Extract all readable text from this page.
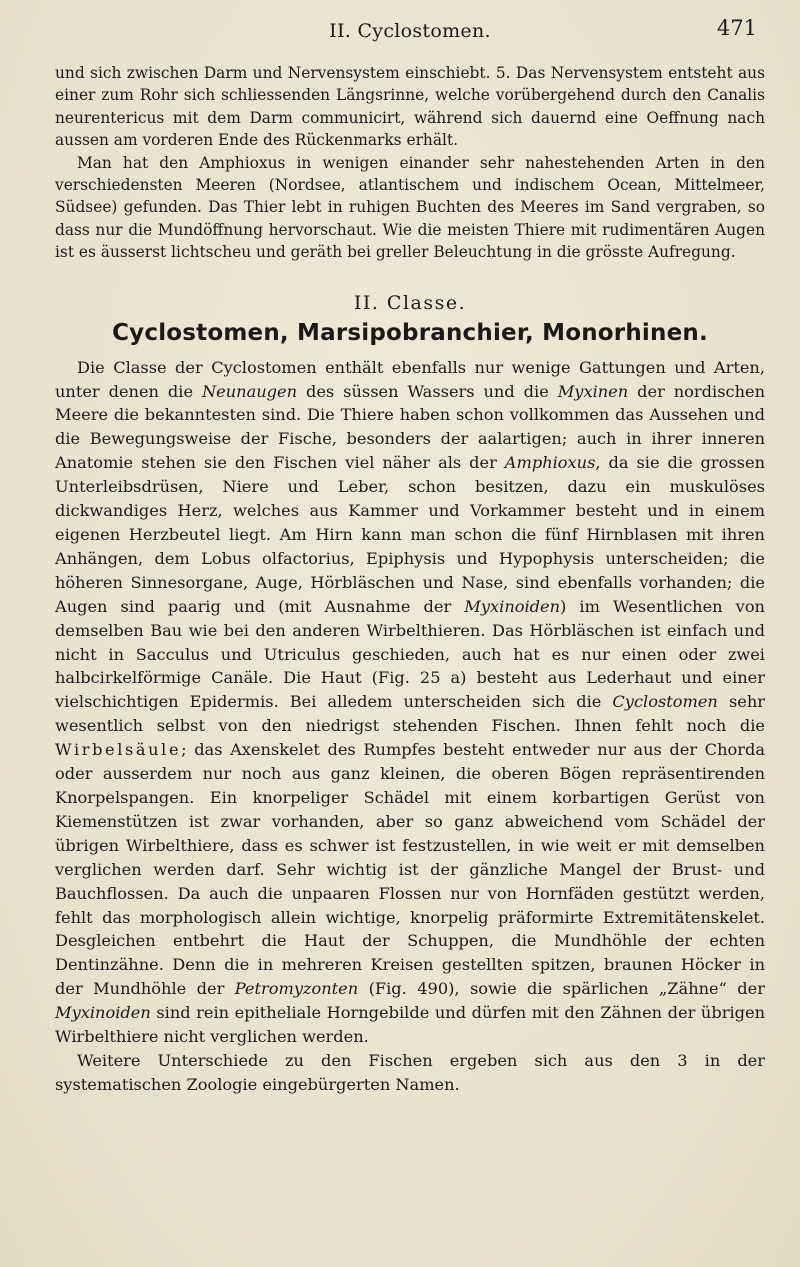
II. Cyclostomen.	471

und sich zwischen Darm und Nervensystem einschiebt. 5. Das Nervensystem entsteht aus einer zum Rohr sich schliessenden Längsrinne, welche vorübergehend durch den Canalis neurentericus mit dem Darm communicirt, während sich dauernd eine Oeffnung nach aussen am vorderen Ende des Rückenmarks erhält.

Man hat den Amphioxus in wenigen einander sehr nahestehenden Arten in den verschiedensten Meeren (Nordsee, atlantischem und indischem Ocean, Mittelmeer, Südsee) gefunden. Das Thier lebt in ruhigen Buchten des Meeres im Sand vergraben, so dass nur die Mundöffnung hervorschaut. Wie die meisten Thiere mit rudimentären Augen ist es äusserst lichtscheu und geräth bei greller Beleuchtung in die grösste Aufregung.

II. Classe.
Cyclostomen, Marsipobranchier, Monorhinen.

Die Classe der Cyclostomen enthält ebenfalls nur wenige Gattungen und Arten, unter denen die Neunaugen des süssen Wassers und die Myxinen der nordischen Meere die bekanntesten sind. Die Thiere haben schon vollkommen das Aussehen und die Bewegungsweise der Fische, besonders der aalartigen; auch in ihrer inneren Anatomie stehen sie den Fischen viel näher als der Amphioxus, da sie die grossen Unterleibsdrüsen, Niere und Leber, schon besitzen, dazu ein muskulöses dickwandiges Herz, welches aus Kammer und Vorkammer besteht und in einem eigenen Herzbeutel liegt. Am Hirn kann man schon die fünf Hirnblasen mit ihren Anhängen, dem Lobus olfactorius, Epiphysis und Hypophysis unterscheiden; die höheren Sinnesorgane, Auge, Hörbläschen und Nase, sind ebenfalls vorhanden; die Augen sind paarig und (mit Ausnahme der Myxinoiden) im Wesentlichen von demselben Bau wie bei den anderen Wirbelthieren. Das Hörbläschen ist einfach und nicht in Sacculus und Utriculus geschieden, auch hat es nur einen oder zwei halbcirkelförmige Canäle. Die Haut (Fig. 25 a) besteht aus Lederhaut und einer vielschichtigen Epidermis. Bei alledem unterscheiden sich die Cyclostomen sehr wesentlich selbst von den niedrigst stehenden Fischen. Ihnen fehlt noch die Wirbelsäule; das Axenskelet des Rumpfes besteht entweder nur aus der Chorda oder ausserdem nur noch aus ganz kleinen, die oberen Bögen repräsentirenden Knorpelspangen. Ein knorpeliger Schädel mit einem korbartigen Gerüst von Kiemenstützen ist zwar vorhanden, aber so ganz abweichend vom Schädel der übrigen Wirbelthiere, dass es schwer ist festzustellen, in wie weit er mit demselben verglichen werden darf. Sehr wichtig ist der gänzliche Mangel der Brust- und Bauchflossen. Da auch die unpaaren Flossen nur von Hornfäden gestützt werden, fehlt das morphologisch allein wichtige, knorpelig präformirte Extremitätenskelet. Desgleichen entbehrt die Haut der Schuppen, die Mundhöhle der echten Dentinzähne. Denn die in mehreren Kreisen gestellten spitzen, braunen Höcker in der Mundhöhle der Petromyzonten (Fig. 490), sowie die spärlichen „Zähne“ der Myxinoiden sind rein epitheliale Horngebilde und dürfen mit den Zähnen der übrigen Wirbelthiere nicht verglichen werden.

Weitere Unterschiede zu den Fischen ergeben sich aus den 3 in der systematischen Zoologie eingebürgerten Namen.
